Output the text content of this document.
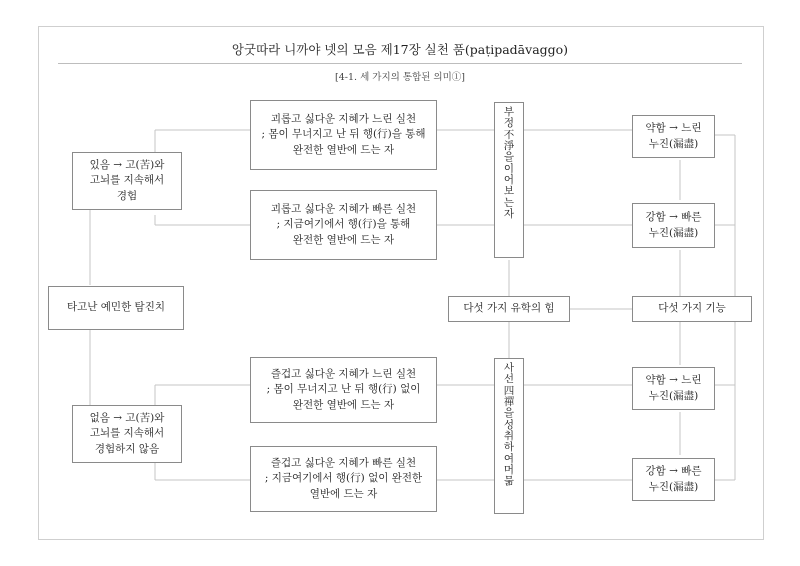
앙굿따라 니까야 넷의 모음 제17장 실천 품(paṭipadāvaggo)
[4-1. 세 가지의 통합된 의미①]
타고난 예민한 탐진치
있음 → 고(苦)와
고뇌를 지속해서
경험
없음 → 고(苦)와
고뇌를 지속해서
경험하지 않음
괴롭고 싫다운 지혜가 느린 실천
; 몸이 무너지고 난 뒤 행(行)을 통해
완전한 열반에 드는 자
괴롭고 싫다운 지혜가 빠른 실천
; 지금여기에서 행(行)을 통해
완전한 열반에 드는 자
즐겁고 싫다운 지혜가 느린 실천
; 몸이 무너지고 난 뒤 행(行) 없이
완전한 열반에 드는 자
즐겁고 싫다운 지혜가 빠른 실천
; 지금여기에서 행(行) 없이 완전한
열반에 드는 자
부
정
不
淨
을
이
어
보
는
자
사
선
四
禪
을
성
취
하
여
머
묾
다섯 가지 유학의 힘	다섯 가지 기능
약함 → 느린
누진(漏盡)
강함 → 빠른
누진(漏盡)
약함 → 느린
누진(漏盡)
강함 → 빠른
누진(漏盡)
